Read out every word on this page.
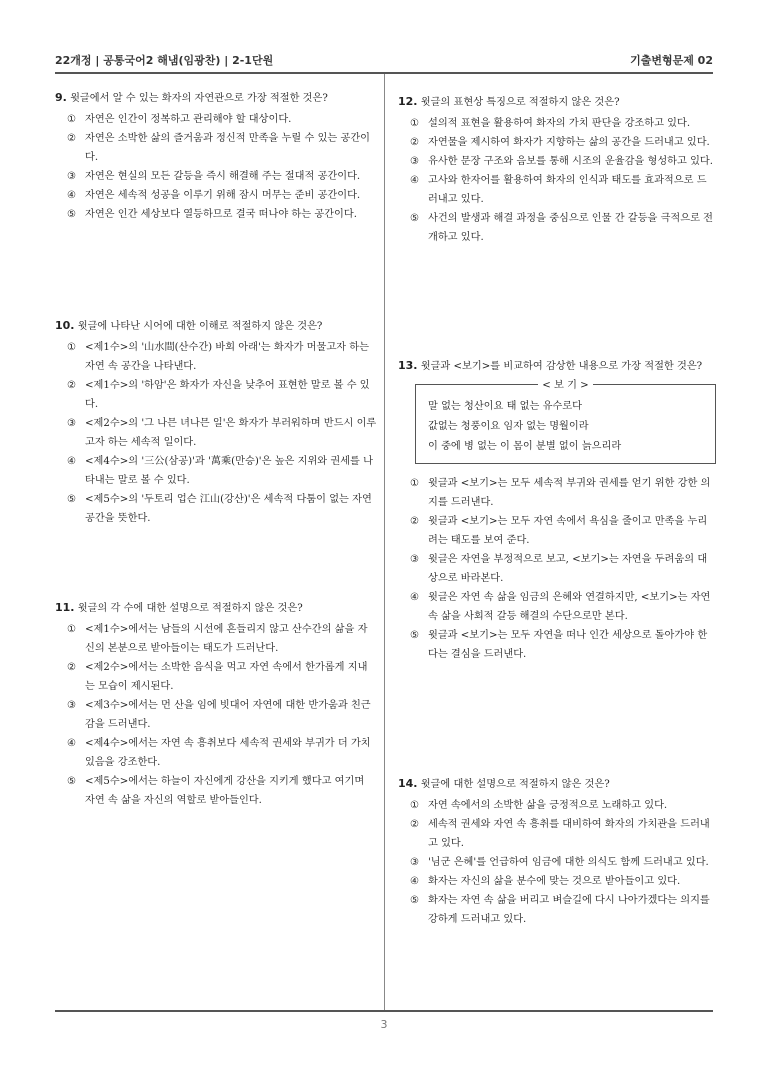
22개정 | 공통국어2 해냄(임광찬) | 2-1단원	기출변형문제 02
9. 윗글에서 알 수 있는 화자의 자연관으로 가장 적절한 것은?
① 자연은 인간이 정복하고 관리해야 할 대상이다.
② 자연은 소박한 삶의 즐거움과 정신적 만족을 누릴 수 있는 공간이다.
③ 자연은 현실의 모든 갈등을 즉시 해결해 주는 절대적 공간이다.
④ 자연은 세속적 성공을 이루기 위해 잠시 머무는 준비 공간이다.
⑤ 자연은 인간 세상보다 열등하므로 결국 떠나야 하는 공간이다.
10. 윗글에 나타난 시어에 대한 이해로 적절하지 않은 것은?
① <제1수>의 '山水間(산수간) 바회 아래'는 화자가 머물고자 하는 자연 속 공간을 나타낸다.
② <제1수>의 '하암'은 화자가 자신을 낮추어 표현한 말로 볼 수 있다.
③ <제2수>의 '그 나믄 녀나믄 일'은 화자가 부러워하며 반드시 이루고자 하는 세속적 일이다.
④ <제4수>의 '三公(삼공)'과 '萬乘(만승)'은 높은 지위와 권세를 나타내는 말로 볼 수 있다.
⑤ <제5수>의 '두토리 업슨 江山(강산)'은 세속적 다툼이 없는 자연 공간을 뜻한다.
11. 윗글의 각 수에 대한 설명으로 적절하지 않은 것은?
① <제1수>에서는 남들의 시선에 흔들리지 않고 산수간의 삶을 자신의 본분으로 받아들이는 태도가 드러난다.
② <제2수>에서는 소박한 음식을 먹고 자연 속에서 한가롭게 지내는 모습이 제시된다.
③ <제3수>에서는 먼 산을 임에 빗대어 자연에 대한 반가움과 친근감을 드러낸다.
④ <제4수>에서는 자연 속 흥취보다 세속적 권세와 부귀가 더 가치 있음을 강조한다.
⑤ <제5수>에서는 하늘이 자신에게 강산을 지키게 했다고 여기며 자연 속 삶을 자신의 역할로 받아들인다.
12. 윗글의 표현상 특징으로 적절하지 않은 것은?
① 설의적 표현을 활용하여 화자의 가치 판단을 강조하고 있다.
② 자연물을 제시하여 화자가 지향하는 삶의 공간을 드러내고 있다.
③ 유사한 문장 구조와 음보를 통해 시조의 운율감을 형성하고 있다.
④ 고사와 한자어를 활용하여 화자의 인식과 태도를 효과적으로 드러내고 있다.
⑤ 사건의 발생과 해결 과정을 중심으로 인물 간 갈등을 극적으로 전개하고 있다.
13. 윗글과 <보기>를 비교하여 감상한 내용으로 가장 적절한 것은?
< 보 기 >
말 없는 청산이요 태 없는 유수로다
값없는 청풍이요 임자 없는 명월이라
이 중에 병 없는 이 몸이 분별 없이 늙으리라
① 윗글과 <보기>는 모두 세속적 부귀와 권세를 얻기 위한 강한 의지를 드러낸다.
② 윗글과 <보기>는 모두 자연 속에서 욕심을 줄이고 만족을 누리려는 태도를 보여 준다.
③ 윗글은 자연을 부정적으로 보고, <보기>는 자연을 두려움의 대상으로 바라본다.
④ 윗글은 자연 속 삶을 임금의 은혜와 연결하지만, <보기>는 자연 속 삶을 사회적 갈등 해결의 수단으로만 본다.
⑤ 윗글과 <보기>는 모두 자연을 떠나 인간 세상으로 돌아가야 한다는 결심을 드러낸다.
14. 윗글에 대한 설명으로 적절하지 않은 것은?
① 자연 속에서의 소박한 삶을 긍정적으로 노래하고 있다.
② 세속적 권세와 자연 속 흥취를 대비하여 화자의 가치관을 드러내고 있다.
③ '님군 은혜'를 언급하여 임금에 대한 의식도 함께 드러내고 있다.
④ 화자는 자신의 삶을 분수에 맞는 것으로 받아들이고 있다.
⑤ 화자는 자연 속 삶을 버리고 벼슬길에 다시 나아가겠다는 의지를 강하게 드러내고 있다.
3
